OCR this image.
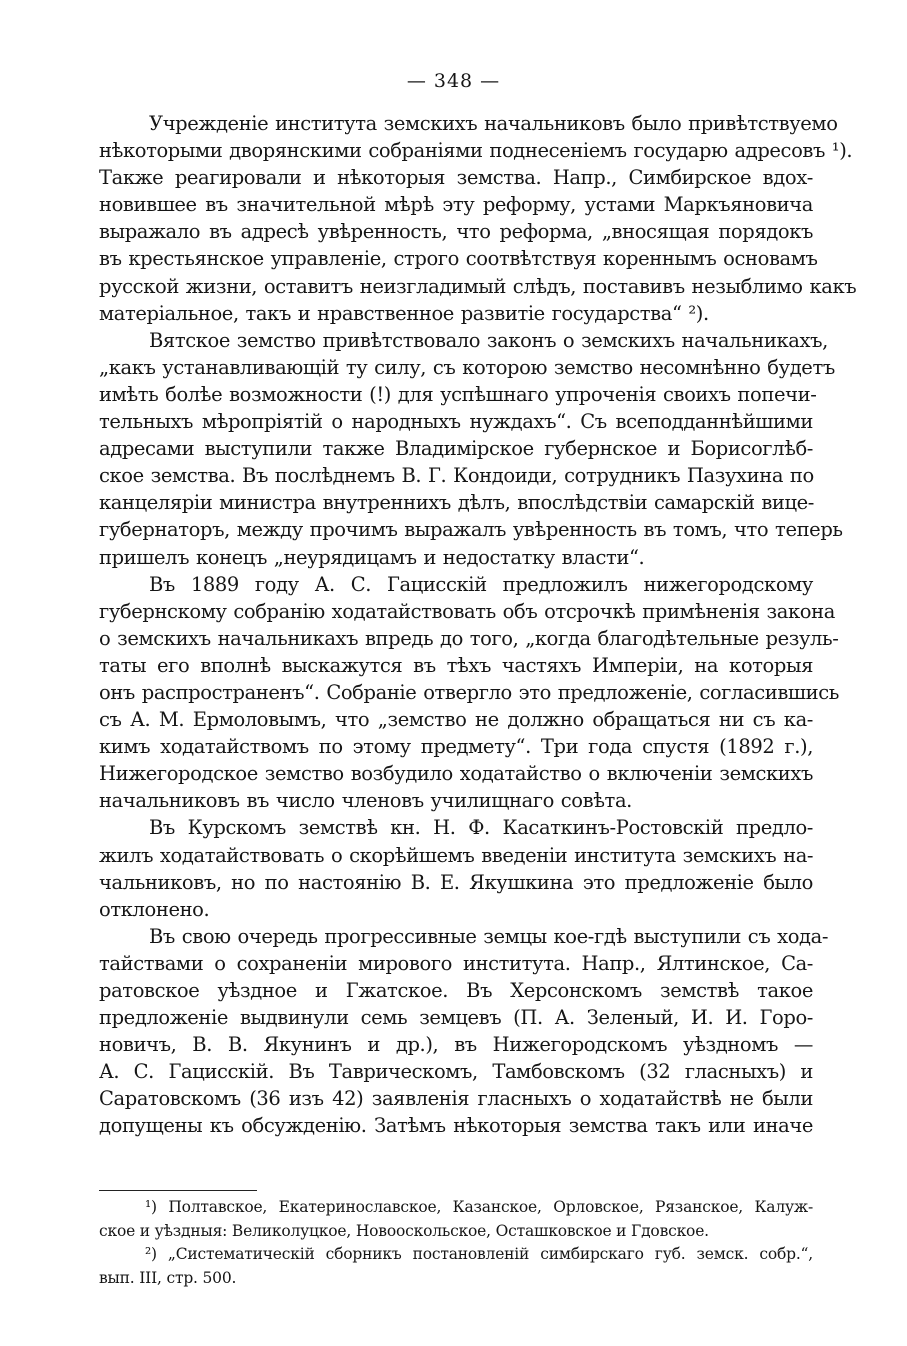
— 348 —
Учрежденіе института земскихъ начальниковъ было привѣтствуемо
нѣкоторыми дворянскими собраніями поднесеніемъ государю адресовъ ¹).
Также реагировали и нѣкоторыя земства. Напр., Симбирское вдох-
новившее въ значительной мѣрѣ эту реформу, устами Маркъяновича
выражало въ адресѣ увѣренность, что реформа, „вносящая порядокъ
въ крестьянское управленіе, строго соотвѣтствуя кореннымъ основамъ
русской жизни, оставитъ неизгладимый слѣдъ, поставивъ незыблимо какъ
матеріальное, такъ и нравственное развитіе государства“ ²).
Вятское земство привѣтствовало законъ о земскихъ начальникахъ,
„какъ устанавливающій ту силу, съ которою земство несомнѣнно будетъ
имѣть болѣе возможности (!) для успѣшнаго упроченія своихъ попечи-
тельныхъ мѣропріятій о народныхъ нуждахъ“. Съ всеподданнѣйшими
адресами выступили также Владимірское губернское и Борисоглѣб-
ское земства. Въ послѣднемъ В. Г. Кондоиди, сотрудникъ Пазухина по
канцеляріи министра внутреннихъ дѣлъ, впослѣдствіи самарскій вице-
губернаторъ, между прочимъ выражалъ увѣренность въ томъ, что теперь
пришелъ конецъ „неурядицамъ и недостатку власти“.
Въ 1889 году А. С. Гацисскій предложилъ нижегородскому
губернскому собранію ходатайствовать объ отсрочкѣ примѣненія закона
о земскихъ начальникахъ впредь до того, „когда благодѣтельные резуль-
таты его вполнѣ выскажутся въ тѣхъ частяхъ Имперіи, на которыя
онъ распространенъ“. Собраніе отвергло это предложеніе, согласившись
съ А. М. Ермоловымъ, что „земство не должно обращаться ни съ ка-
кимъ ходатайствомъ по этому предмету“. Три года спустя (1892 г.),
Нижегородское земство возбудило ходатайство о включеніи земскихъ
начальниковъ въ число членовъ училищнаго совѣта.
Въ Курскомъ земствѣ кн. Н. Ф. Касаткинъ-Ростовскій предло-
жилъ ходатайствовать о скорѣйшемъ введеніи института земскихъ на-
чальниковъ, но по настоянію В. Е. Якушкина это предложеніе было
отклонено.
Въ свою очередь прогрессивные земцы кое-гдѣ выступили съ хода-
тайствами о сохраненіи мирового института. Напр., Ялтинское, Са-
ратовское уѣздное и Гжатское. Въ Херсонскомъ земствѣ такое
предложеніе выдвинули семь земцевъ (П. А. Зеленый, И. И. Горо-
новичъ, В. В. Якунинъ и др.), въ Нижегородскомъ уѣздномъ —
А. С. Гацисскій. Въ Таврическомъ, Тамбовскомъ (32 гласныхъ) и
Саратовскомъ (36 изъ 42) заявленія гласныхъ о ходатайствѣ не были
допущены къ обсужденію. Затѣмъ нѣкоторыя земства такъ или иначе
¹) Полтавское, Екатеринославское, Казанское, Орловское, Рязанское, Калуж-
ское и уѣздныя: Великолуцкое, Новооскольское, Осташковское и Гдовское.
²) „Систематическій сборникъ постановленій симбирскаго губ. земск. собр.“,
вып. III, стр. 500.
